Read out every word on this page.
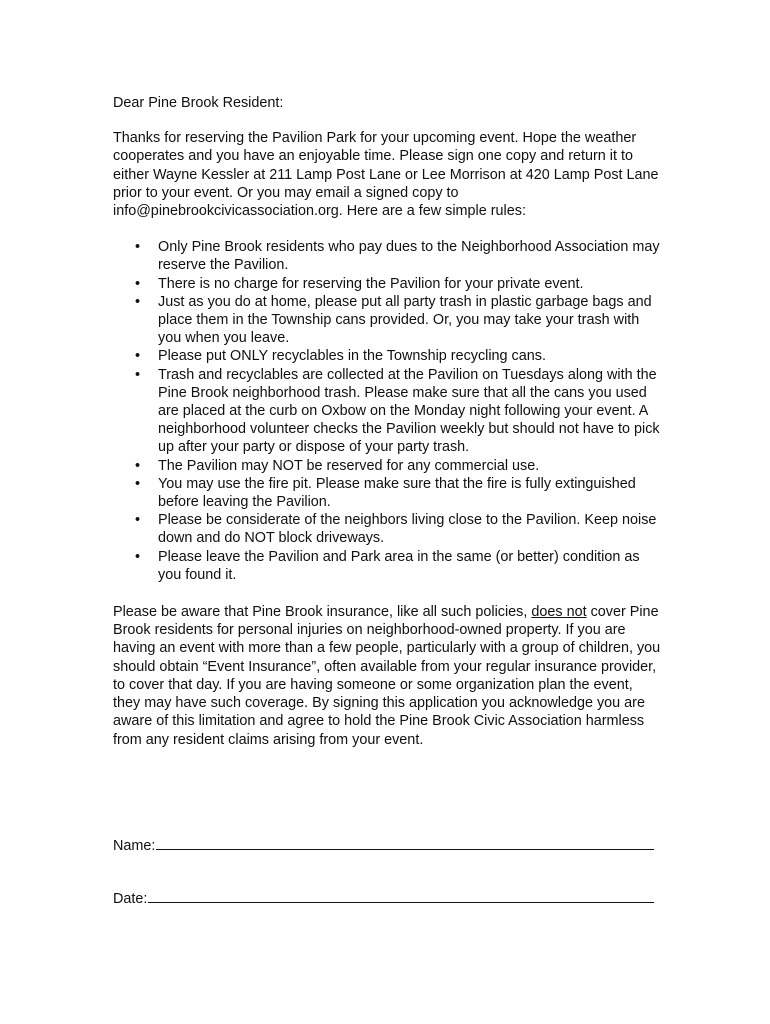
Dear Pine Brook Resident:

Thanks for reserving the Pavilion Park for your upcoming event. Hope the weather cooperates and you have an enjoyable time. Please sign one copy and return it to either Wayne Kessler at 211 Lamp Post Lane or Lee Morrison at 420 Lamp Post Lane prior to your event. Or you may email a signed copy to info@pinebrookcivicassociation.org. Here are a few simple rules:

• Only Pine Brook residents who pay dues to the Neighborhood Association may reserve the Pavilion.
• There is no charge for reserving the Pavilion for your private event.
• Just as you do at home, please put all party trash in plastic garbage bags and place them in the Township cans provided. Or, you may take your trash with you when you leave.
• Please put ONLY recyclables in the Township recycling cans.
• Trash and recyclables are collected at the Pavilion on Tuesdays along with the Pine Brook neighborhood trash. Please make sure that all the cans you used are placed at the curb on Oxbow on the Monday night following your event. A neighborhood volunteer checks the Pavilion weekly but should not have to pick up after your party or dispose of your party trash.
• The Pavilion may NOT be reserved for any commercial use.
• You may use the fire pit. Please make sure that the fire is fully extinguished before leaving the Pavilion.
• Please be considerate of the neighbors living close to the Pavilion. Keep noise down and do NOT block driveways.
• Please leave the Pavilion and Park area in the same (or better) condition as you found it.

Please be aware that Pine Brook insurance, like all such policies, does not cover Pine Brook residents for personal injuries on neighborhood-owned property. If you are having an event with more than a few people, particularly with a group of children, you should obtain “Event Insurance”, often available from your regular insurance provider, to cover that day. If you are having someone or some organization plan the event, they may have such coverage. By signing this application you acknowledge you are aware of this limitation and agree to hold the Pine Brook Civic Association harmless from any resident claims arising from your event.

Name:
Date:
